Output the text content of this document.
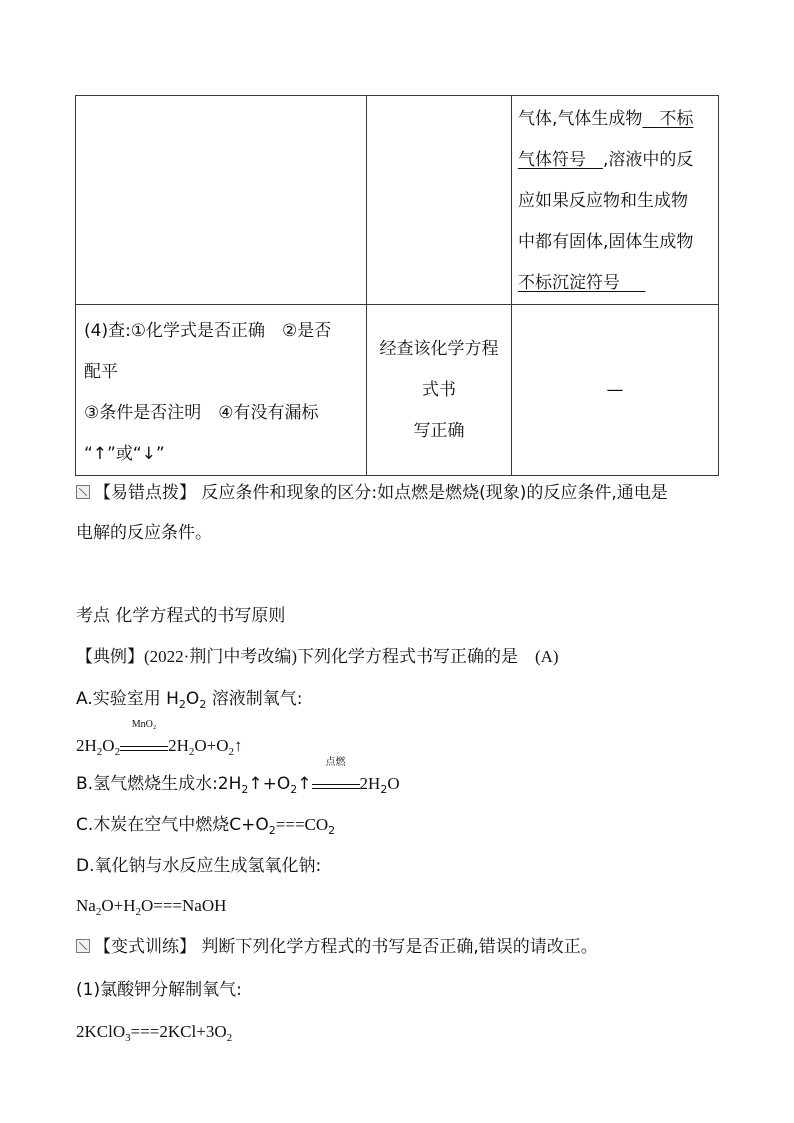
		气体,气体生成物  不标
气体符号  ,溶液中的反
应如果反应物和生成物
中都有固体,固体生成物
不标沉淀符号  

(4)查:①化学式是否正确　②是否
配平
③条件是否注明　④有没有漏标
“↑”或“↓”	经查该化学方程
式书
写正确	—
【易错点拨】 反应条件和现象的区分:如点燃是燃烧(现象)的反应条件,通电是
电解的反应条件。
考点 化学方程式的书写原则
【典例】(2022·荆门中考改编)下列化学方程式书写正确的是  (A)
A.实验室用 $H_2O_2$ 溶液制氧气:
$2H_2O_2$
MnO₂
$2H_2O+O_2↑$
B.氢气燃烧生成水$:2H_2↑+O_2↑$
点燃
$2H_2O$
C.木炭在空气中燃烧$C+O_2===CO_2$
D.氧化钠与水反应生成氢氧化钠:
$Na_2O+H_2O===NaOH$
【变式训练】 判断下列化学方程式的书写是否正确,错误的请改正。
(1)氯酸钾分解制氧气:
$2KClO_3===2KCl+3O_2$
